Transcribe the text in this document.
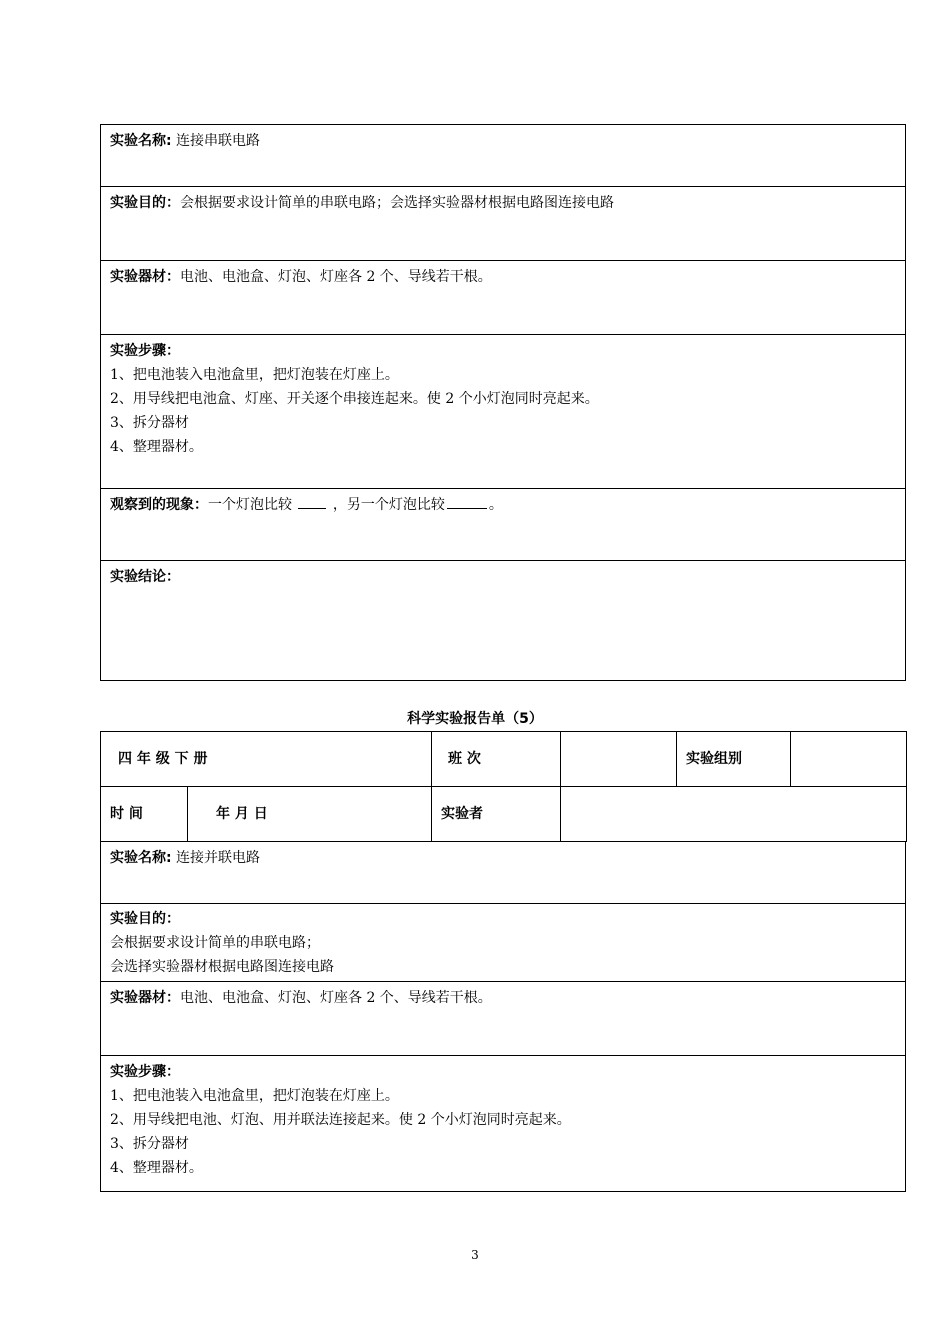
实验名称: 连接串联电路
实验目的：会根据要求设计简单的串联电路；会选择实验器材根据电路图连接电路
实验器材：电池、电池盒、灯泡、灯座各 2 个、导线若干根。

实验步骤：
1、把电池装入电池盒里，把灯泡装在灯座上。
2、用导线把电池盒、灯座、开关逐个串接连起来。使 2 个小灯泡同时亮起来。
3、拆分器材
4、整理器材。

观察到的现象：一个灯泡比较  ，另一个灯泡比较	。
实验结论：
科学实验报告单（5）
四 年 级 下 册		班 次		实验组别	
时 间	年 月 日	实验者			
实验名称: 连接并联电路

实验目的：
会根据要求设计简单的串联电路；
会选择实验器材根据电路图连接电路

实验器材：电池、电池盒、灯泡、灯座各 2 个、导线若干根。

实验步骤：
1、把电池装入电池盒里，把灯泡装在灯座上。
2、用导线把电池、灯泡、用并联法连接起来。使 2 个小灯泡同时亮起来。
3、拆分器材
4、整理器材。
3
